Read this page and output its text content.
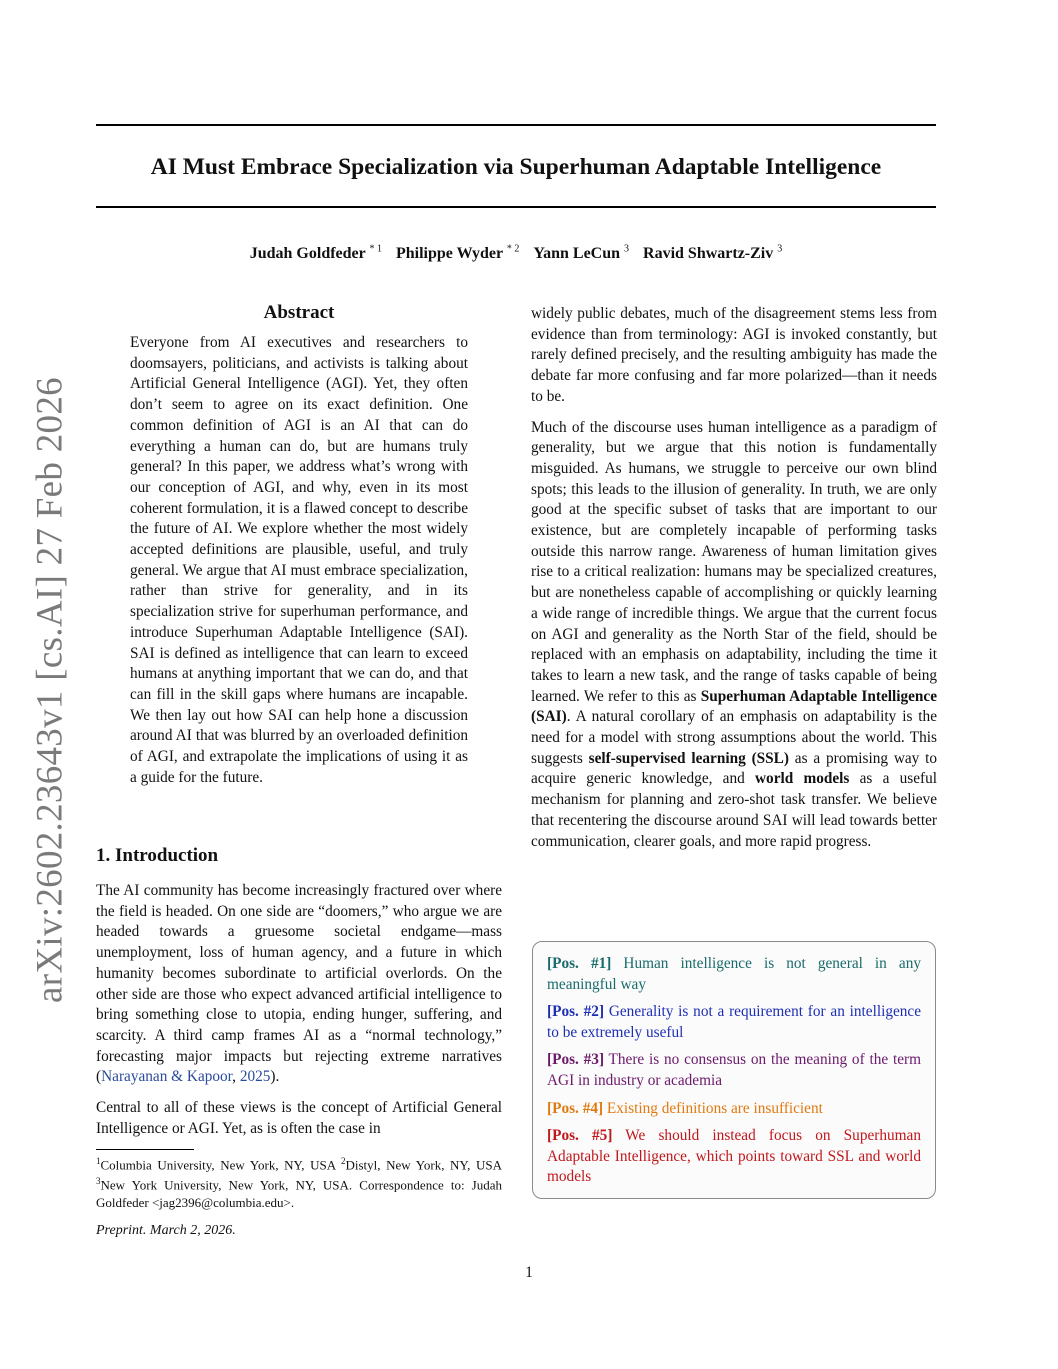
AI Must Embrace Specialization via Superhuman Adaptable Intelligence
Judah Goldfeder $^{* 1}$ Philippe Wyder $^{* 2}$ Yann LeCun $^3$ Ravid Shwartz-Ziv $^3$
arXiv:2602.23643v1 [cs.AI] 27 Feb 2026
Abstract
Everyone from AI executives and researchers to doomsayers, politicians, and activists is talking about Artificial General Intelligence (AGI). Yet, they often don’t seem to agree on its exact definition. One common definition of AGI is an AI that can do everything a human can do, but are humans truly general? In this paper, we address what’s wrong with our conception of AGI, and why, even in its most coherent formulation, it is a flawed concept to describe the future of AI. We explore whether the most widely accepted definitions are plausible, useful, and truly general. We argue that AI must embrace specialization, rather than strive for generality, and in its specialization strive for superhuman performance, and introduce Superhuman Adaptable Intelligence (SAI). SAI is defined as intelligence that can learn to exceed humans at anything important that we can do, and that can fill in the skill gaps where humans are incapable. We then lay out how SAI can help hone a discussion around AI that was blurred by an overloaded definition of AGI, and extrapolate the implications of using it as a guide for the future.
1. Introduction

The AI community has become increasingly fractured over where the field is headed. On one side are “doomers,” who argue we are headed towards a gruesome societal endgame—mass unemployment, loss of human agency, and a future in which humanity becomes subordinate to artificial overlords. On the other side are those who expect advanced artificial intelligence to bring something close to utopia, ending hunger, suffering, and scarcity. A third camp frames AI as a “normal technology,” forecasting major impacts but rejecting extreme narratives (Narayanan & Kapoor, 2025).

Central to all of these views is the concept of Artificial General Intelligence or AGI. Yet, as is often the case in

widely public debates, much of the disagreement stems less from evidence than from terminology: AGI is invoked constantly, but rarely defined precisely, and the resulting ambiguity has made the debate far more confusing and far more polarized—than it needs to be.

Much of the discourse uses human intelligence as a paradigm of generality, but we argue that this notion is fundamentally misguided. As humans, we struggle to perceive our own blind spots; this leads to the illusion of generality. In truth, we are only good at the specific subset of tasks that are important to our existence, but are completely incapable of performing tasks outside this narrow range. Awareness of human limitation gives rise to a critical realization: humans may be specialized creatures, but are nonetheless capable of accomplishing or quickly learning a wide range of incredible things. We argue that the current focus on AGI and generality as the North Star of the field, should be replaced with an emphasis on adaptability, including the time it takes to learn a new task, and the range of tasks capable of being learned. We refer to this as Superhuman Adaptable Intelligence (SAI). A natural corollary of an emphasis on adaptability is the need for a model with strong assumptions about the world. This suggests self-supervised learning (SSL) as a promising way to acquire generic knowledge, and world models as a useful mechanism for planning and zero-shot task transfer. We believe that recentering the discourse around SAI will lead towards better communication, clearer goals, and more rapid progress.

[Pos. #1] Human intelligence is not general in any meaningful way
[Pos. #2] Generality is not a requirement for an intelligence to be extremely useful
[Pos. #3] There is no consensus on the meaning of the term AGI in industry or academia
[Pos. #4] Existing definitions are insufficient
[Pos. #5] We should instead focus on Superhuman Adaptable Intelligence, which points toward SSL and world models
$^1$Columbia University, New York, NY, USA $^2$Distyl, New York, NY, USA $^3$New York University, New York, NY, USA. Correspondence to: Judah Goldfeder <jag2396@columbia.edu>.
Preprint. March 2, 2026.
1
